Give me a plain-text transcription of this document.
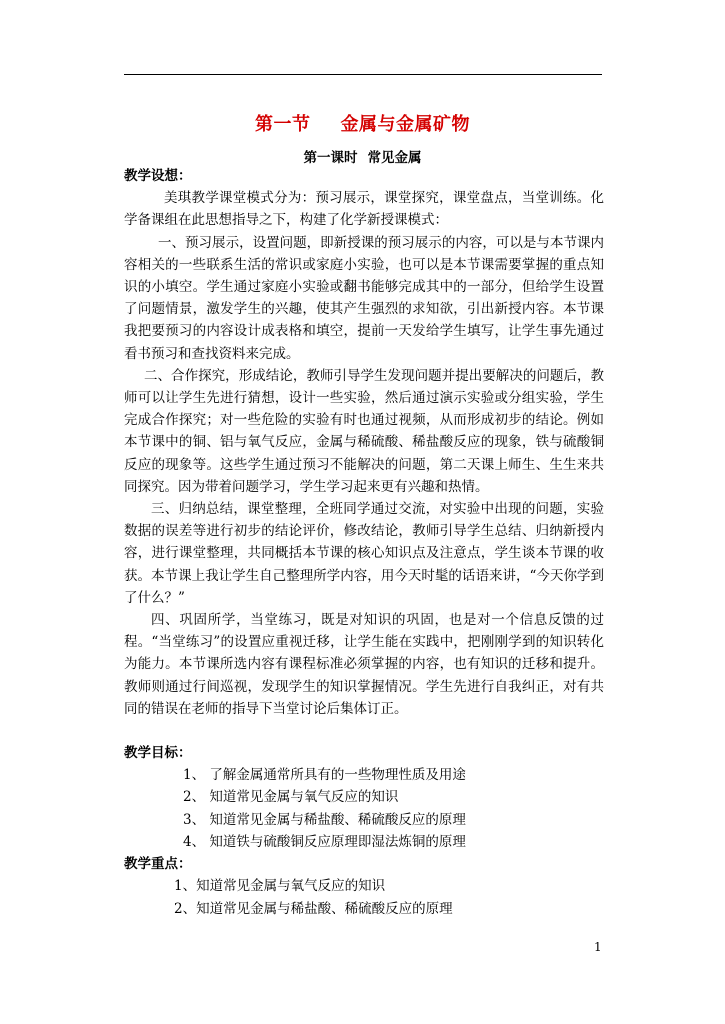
第一节 金属与金属矿物
第一课时 常见金属

教学设想：

美琪教学课堂模式分为：预习展示，课堂探究，课堂盘点，当堂训练。化学备课组在此思想指导之下，构建了化学新授课模式：

一、预习展示，设置问题，即新授课的预习展示的内容，可以是与本节课内容相关的一些联系生活的常识或家庭小实验，也可以是本节课需要掌握的重点知识的小填空。学生通过家庭小实验或翻书能够完成其中的一部分，但给学生设置了问题情景，激发学生的兴趣，使其产生强烈的求知欲，引出新授内容。本节课我把要预习的内容设计成表格和填空，提前一天发给学生填写，让学生事先通过看书预习和查找资料来完成。

二、合作探究，形成结论，教师引导学生发现问题并提出要解决的问题后，教师可以让学生先进行猜想，设计一些实验，然后通过演示实验或分组实验，学生完成合作探究；对一些危险的实验有时也通过视频，从而形成初步的结论。例如本节课中的铜、铝与氧气反应，金属与稀硫酸、稀盐酸反应的现象，铁与硫酸铜反应的现象等。这些学生通过预习不能解决的问题，第二天课上师生、生生来共同探究。因为带着问题学习，学生学习起来更有兴趣和热情。

三、归纳总结，课堂整理，全班同学通过交流，对实验中出现的问题，实验数据的误差等进行初步的结论评价，修改结论，教师引导学生总结、归纳新授内容，进行课堂整理，共同概括本节课的核心知识点及注意点，学生谈本节课的收获。本节课上我让学生自己整理所学内容，用今天时髦的话语来讲，“今天你学到了什么？”

四、巩固所学，当堂练习，既是对知识的巩固，也是对一个信息反馈的过程。“当堂练习”的设置应重视迁移，让学生能在实践中，把刚刚学到的知识转化为能力。本节课所选内容有课程标准必须掌握的内容，也有知识的迁移和提升。教师则通过行间巡视，发现学生的知识掌握情况。学生先进行自我纠正，对有共同的错误在老师的指导下当堂讨论后集体订正。

教学目标：

1、 了解金属通常所具有的一些物理性质及用途

2、 知道常见金属与氧气反应的知识

3、 知道常见金属与稀盐酸、稀硫酸反应的原理

4、 知道铁与硫酸铜反应原理即湿法炼铜的原理

教学重点：

1、知道常见金属与氧气反应的知识

2、知道常见金属与稀盐酸、稀硫酸反应的原理

1
